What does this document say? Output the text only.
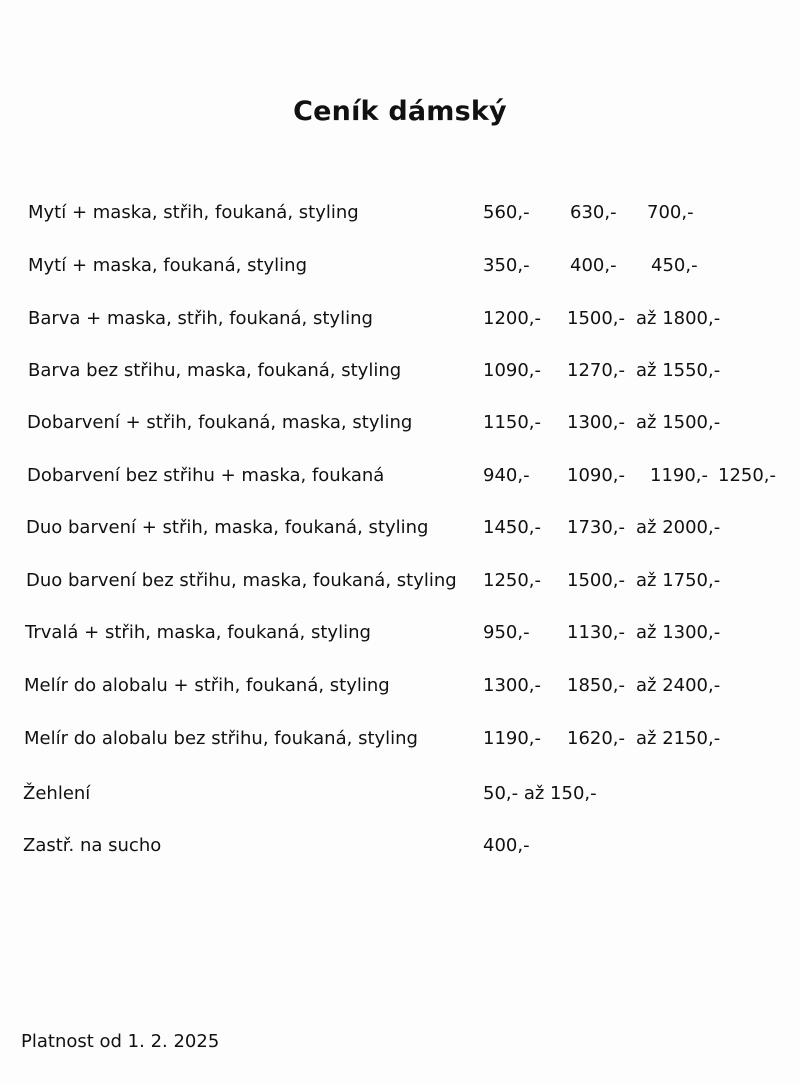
Ceník dámský
Mytí + maska, střih, foukaná, styling	560,- 630,- 700,-
Mytí + maska, foukaná, styling	350,- 400,- 450,-
Barva + maska, střih, foukaná, styling	1200,- 1500,- až 1800,-
Barva bez střihu, maska, foukaná, styling	1090,- 1270,- až 1550,-
Dobarvení + střih, foukaná, maska, styling	1150,- 1300,- až 1500,-
Dobarvení bez střihu + maska, foukaná	940,- 1090,- 1190,- 1250,-
Duo barvení + střih, maska, foukaná, styling	1450,- 1730,- až 2000,-
Duo barvení bez střihu, maska, foukaná, styling 1250,- 1500,- až 1750,-
Trvalá + střih, maska, foukaná, styling	950,- 1130,- až 1300,-
Melír do alobalu + střih, foukaná, styling	1300,- 1850,- až 2400,-
Melír do alobalu bez střihu, foukaná, styling	1190,- 1620,- až 2150,-
Žehlení	50,- až 150,-
Zastř. na sucho	400,-
Platnost od 1. 2. 2025
